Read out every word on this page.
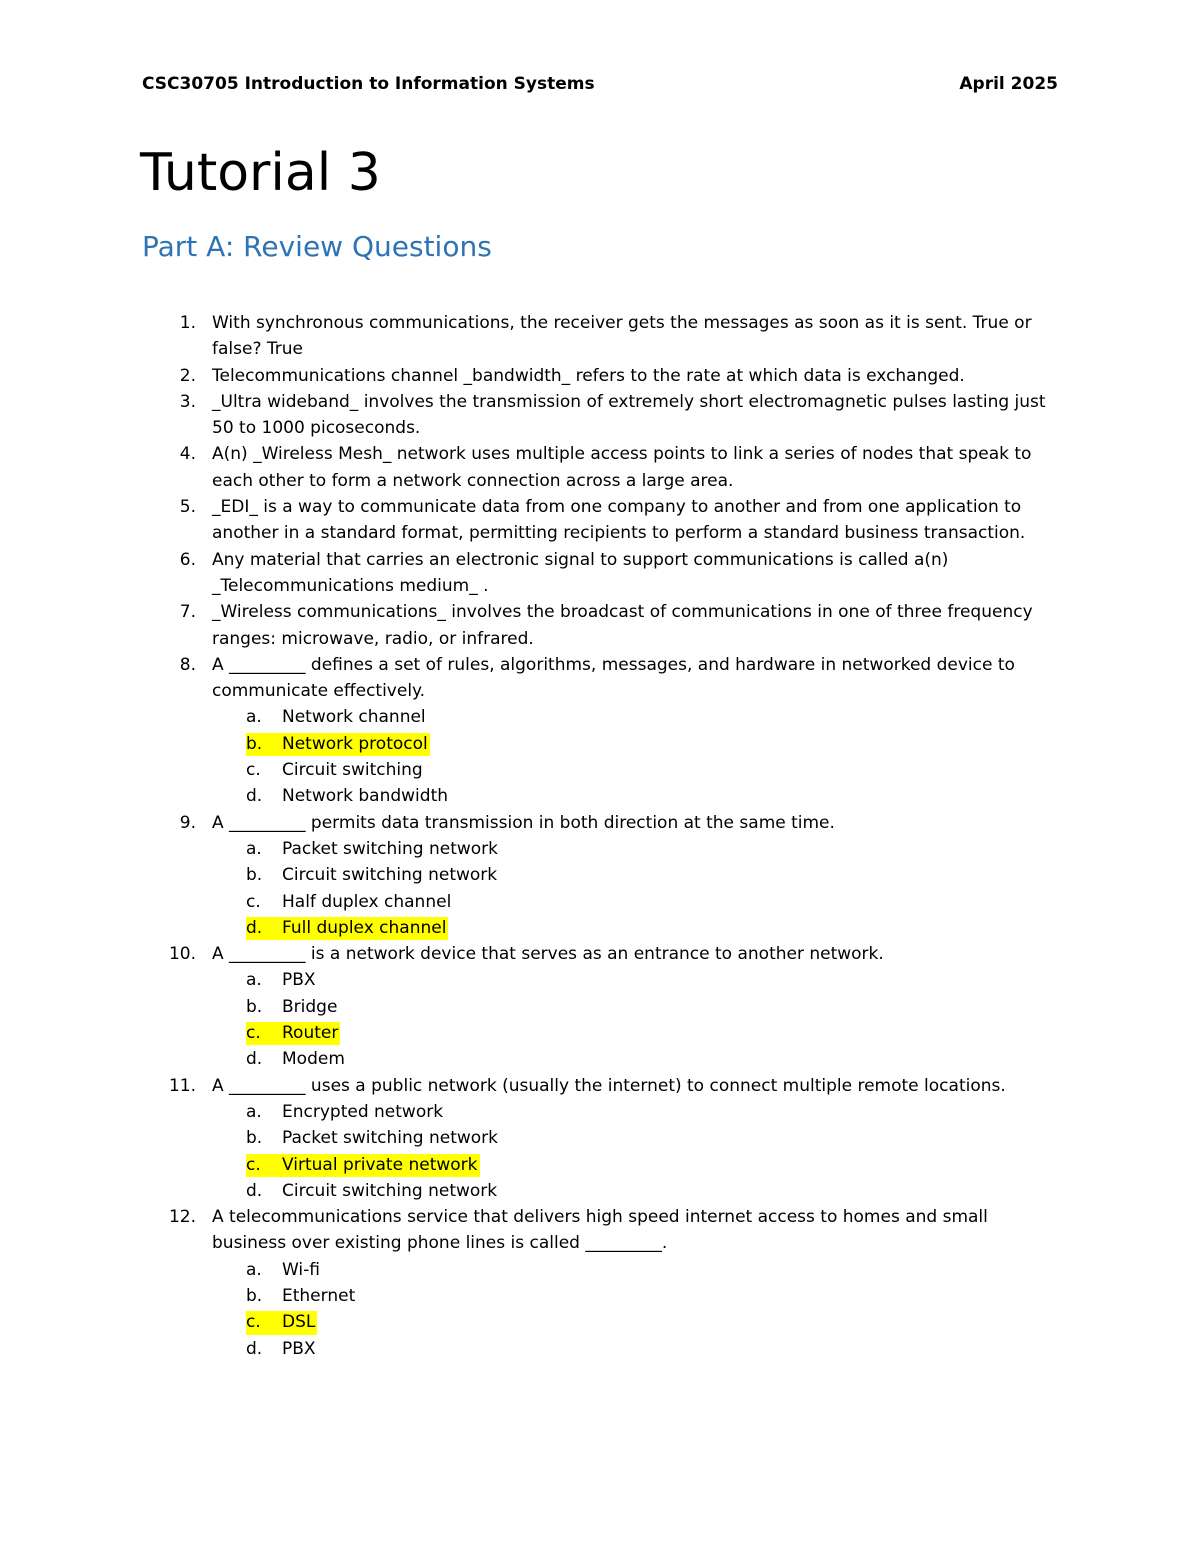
CSC30705 Introduction to Information Systems	April 2025
Tutorial 3
Part A: Review Questions
1. With synchronous communications, the receiver gets the messages as soon as it is sent. True or false? True
2. Telecommunications channel _bandwidth_ refers to the rate at which data is exchanged.
3. _Ultra wideband_ involves the transmission of extremely short electromagnetic pulses lasting just 50 to 1000 picoseconds.
4. A(n) _Wireless Mesh_ network uses multiple access points to link a series of nodes that speak to each other to form a network connection across a large area.
5. _EDI_ is a way to communicate data from one company to another and from one application to another in a standard format, permitting recipients to perform a standard business transaction.
6. Any material that carries an electronic signal to support communications is called a(n) _Telecommunications medium_ .
7. _Wireless communications_ involves the broadcast of communications in one of three frequency ranges: microwave, radio, or infrared.
8. A _________ defines a set of rules, algorithms, messages, and hardware in networked device to communicate effectively.
a. Network channel
b. Network protocol
c. Circuit switching
d. Network bandwidth
9. A _________ permits data transmission in both direction at the same time.
a. Packet switching network
b. Circuit switching network
c. Half duplex channel
d. Full duplex channel
10. A _________ is a network device that serves as an entrance to another network.
a. PBX
b. Bridge
c. Router
d. Modem
11. A _________ uses a public network (usually the internet) to connect multiple remote locations.
a. Encrypted network
b. Packet switching network
c. Virtual private network
d. Circuit switching network
12. A telecommunications service that delivers high speed internet access to homes and small business over existing phone lines is called _________.
a. Wi-fi
b. Ethernet
c. DSL
d. PBX
